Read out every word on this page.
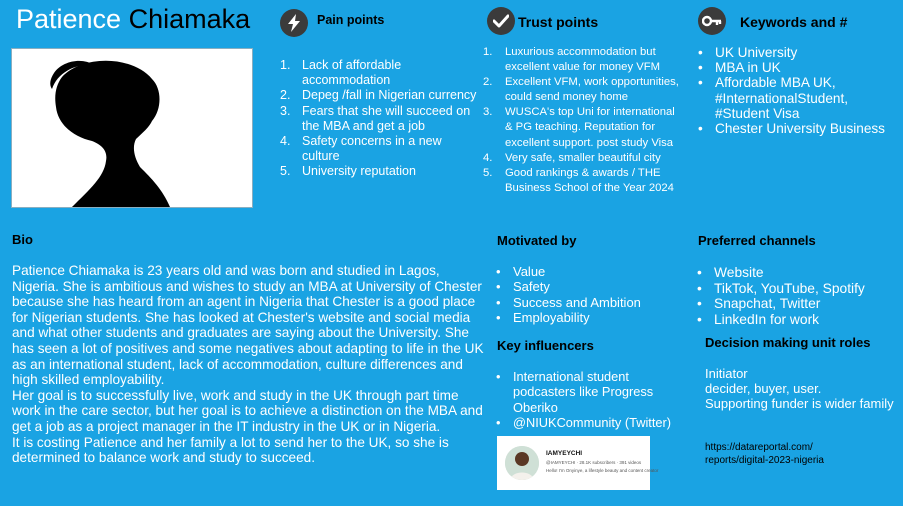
Patience Chiamaka	Pain points
1. Lack of affordable accommodation
2. Depeg /fall in Nigerian currency
3. Fears that she will succeed on the MBA and get a job
4. Safety concerns in a new culture
5. University reputation
Trust points
1. Luxurious accommodation but excellent value for money VFM
2. Excellent VFM, work opportunities, could send money home
3. WUSCA's top Uni for international & PG teaching. Reputation for excellent support. post study Visa
4. Very safe, smaller beautiful city
5. Good rankings & awards / THE Business School of the Year 2024
Keywords and #
• UK University
• MBA in UK
• Affordable MBA UK, #InternationalStudent, #Student Visa
• Chester University Business
Bio

Patience Chiamaka is 23 years old and was born and studied in Lagos, Nigeria. She is ambitious and wishes to study an MBA at University of Chester because she has heard from an agent in Nigeria that Chester is a good place for Nigerian students. She has looked at Chester's website and social media and what other students and graduates are saying about the University. She has seen a lot of positives and some negatives about adapting to life in the UK as an international student, lack of accommodation, culture differences and high skilled employability.

Her goal is to successfully live, work and study in the UK through part time work in the care sector, but her goal is to achieve a distinction on the MBA and get a job as a project manager in the IT industry in the UK or in Nigeria.

It is costing Patience and her family a lot to send her to the UK, so she is determined to balance work and study to succeed.

Motivated by
• Value
• Safety
• Success and Ambition
• Employability
Key influencers
• International student podcasters like Progress Oberiko
• @NIUKCommunity (Twitter)
IAMYEYCHI
@IAMYEYCHI · 28.1K subscribers · 391 videos
Hello! I'm Onyinye, a lifestyle beauty and content creator
Preferred channels
• Website
• TikTok, YouTube, Spotify
• Snapchat, Twitter
• LinkedIn for work
Decision making unit roles

Initiator

decider, buyer, user.

Supporting funder is wider family

https://datareportal.com/
reports/digital-2023-nigeria
